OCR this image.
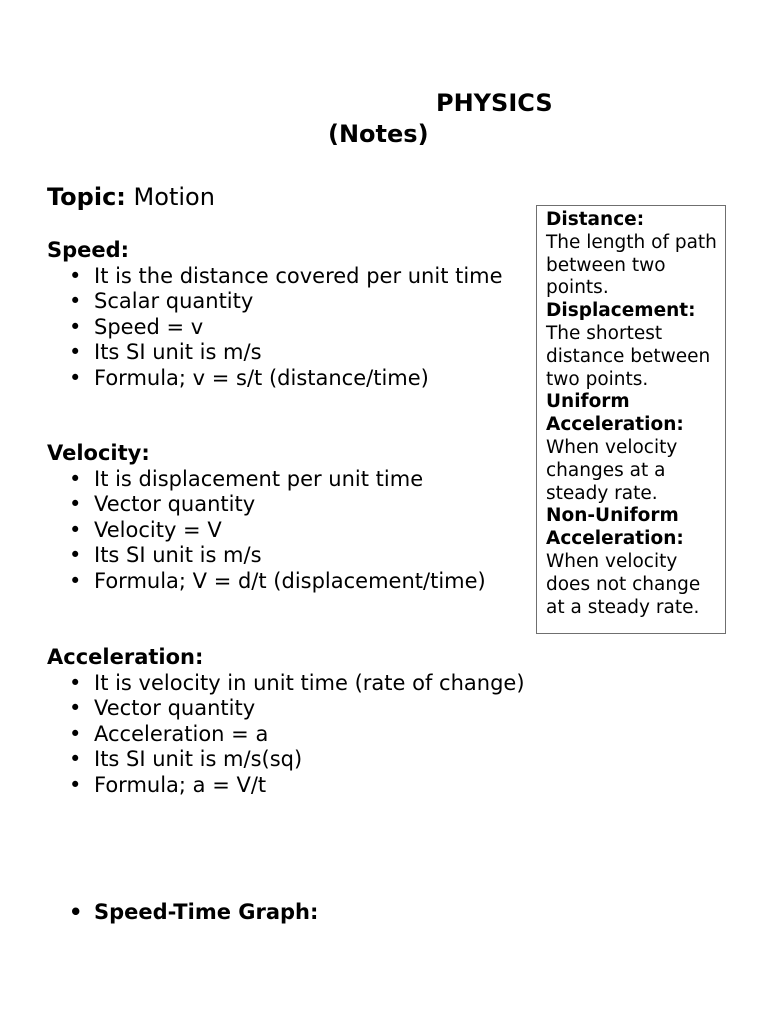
PHYSICS
(Notes)
Topic: Motion
Speed:
• It is the distance covered per unit time
• Scalar quantity
• Speed = v
• Its SI unit is m/s
• Formula; v = s/t (distance/time)
Velocity:
• It is displacement per unit time
• Vector quantity
• Velocity = V
• Its SI unit is m/s
• Formula; V = d/t (displacement/time)
Acceleration:
• It is velocity in unit time (rate of change)
• Vector quantity
• Acceleration = a
• Its SI unit is m/s(sq)
• Formula; a = V/t
• Speed-Time Graph:
Distance:
The length of path between two points.
Displacement:
The shortest distance between two points.
Uniform Acceleration:
When velocity changes at a steady rate.
Non-Uniform Acceleration:
When velocity does not change at a steady rate.
